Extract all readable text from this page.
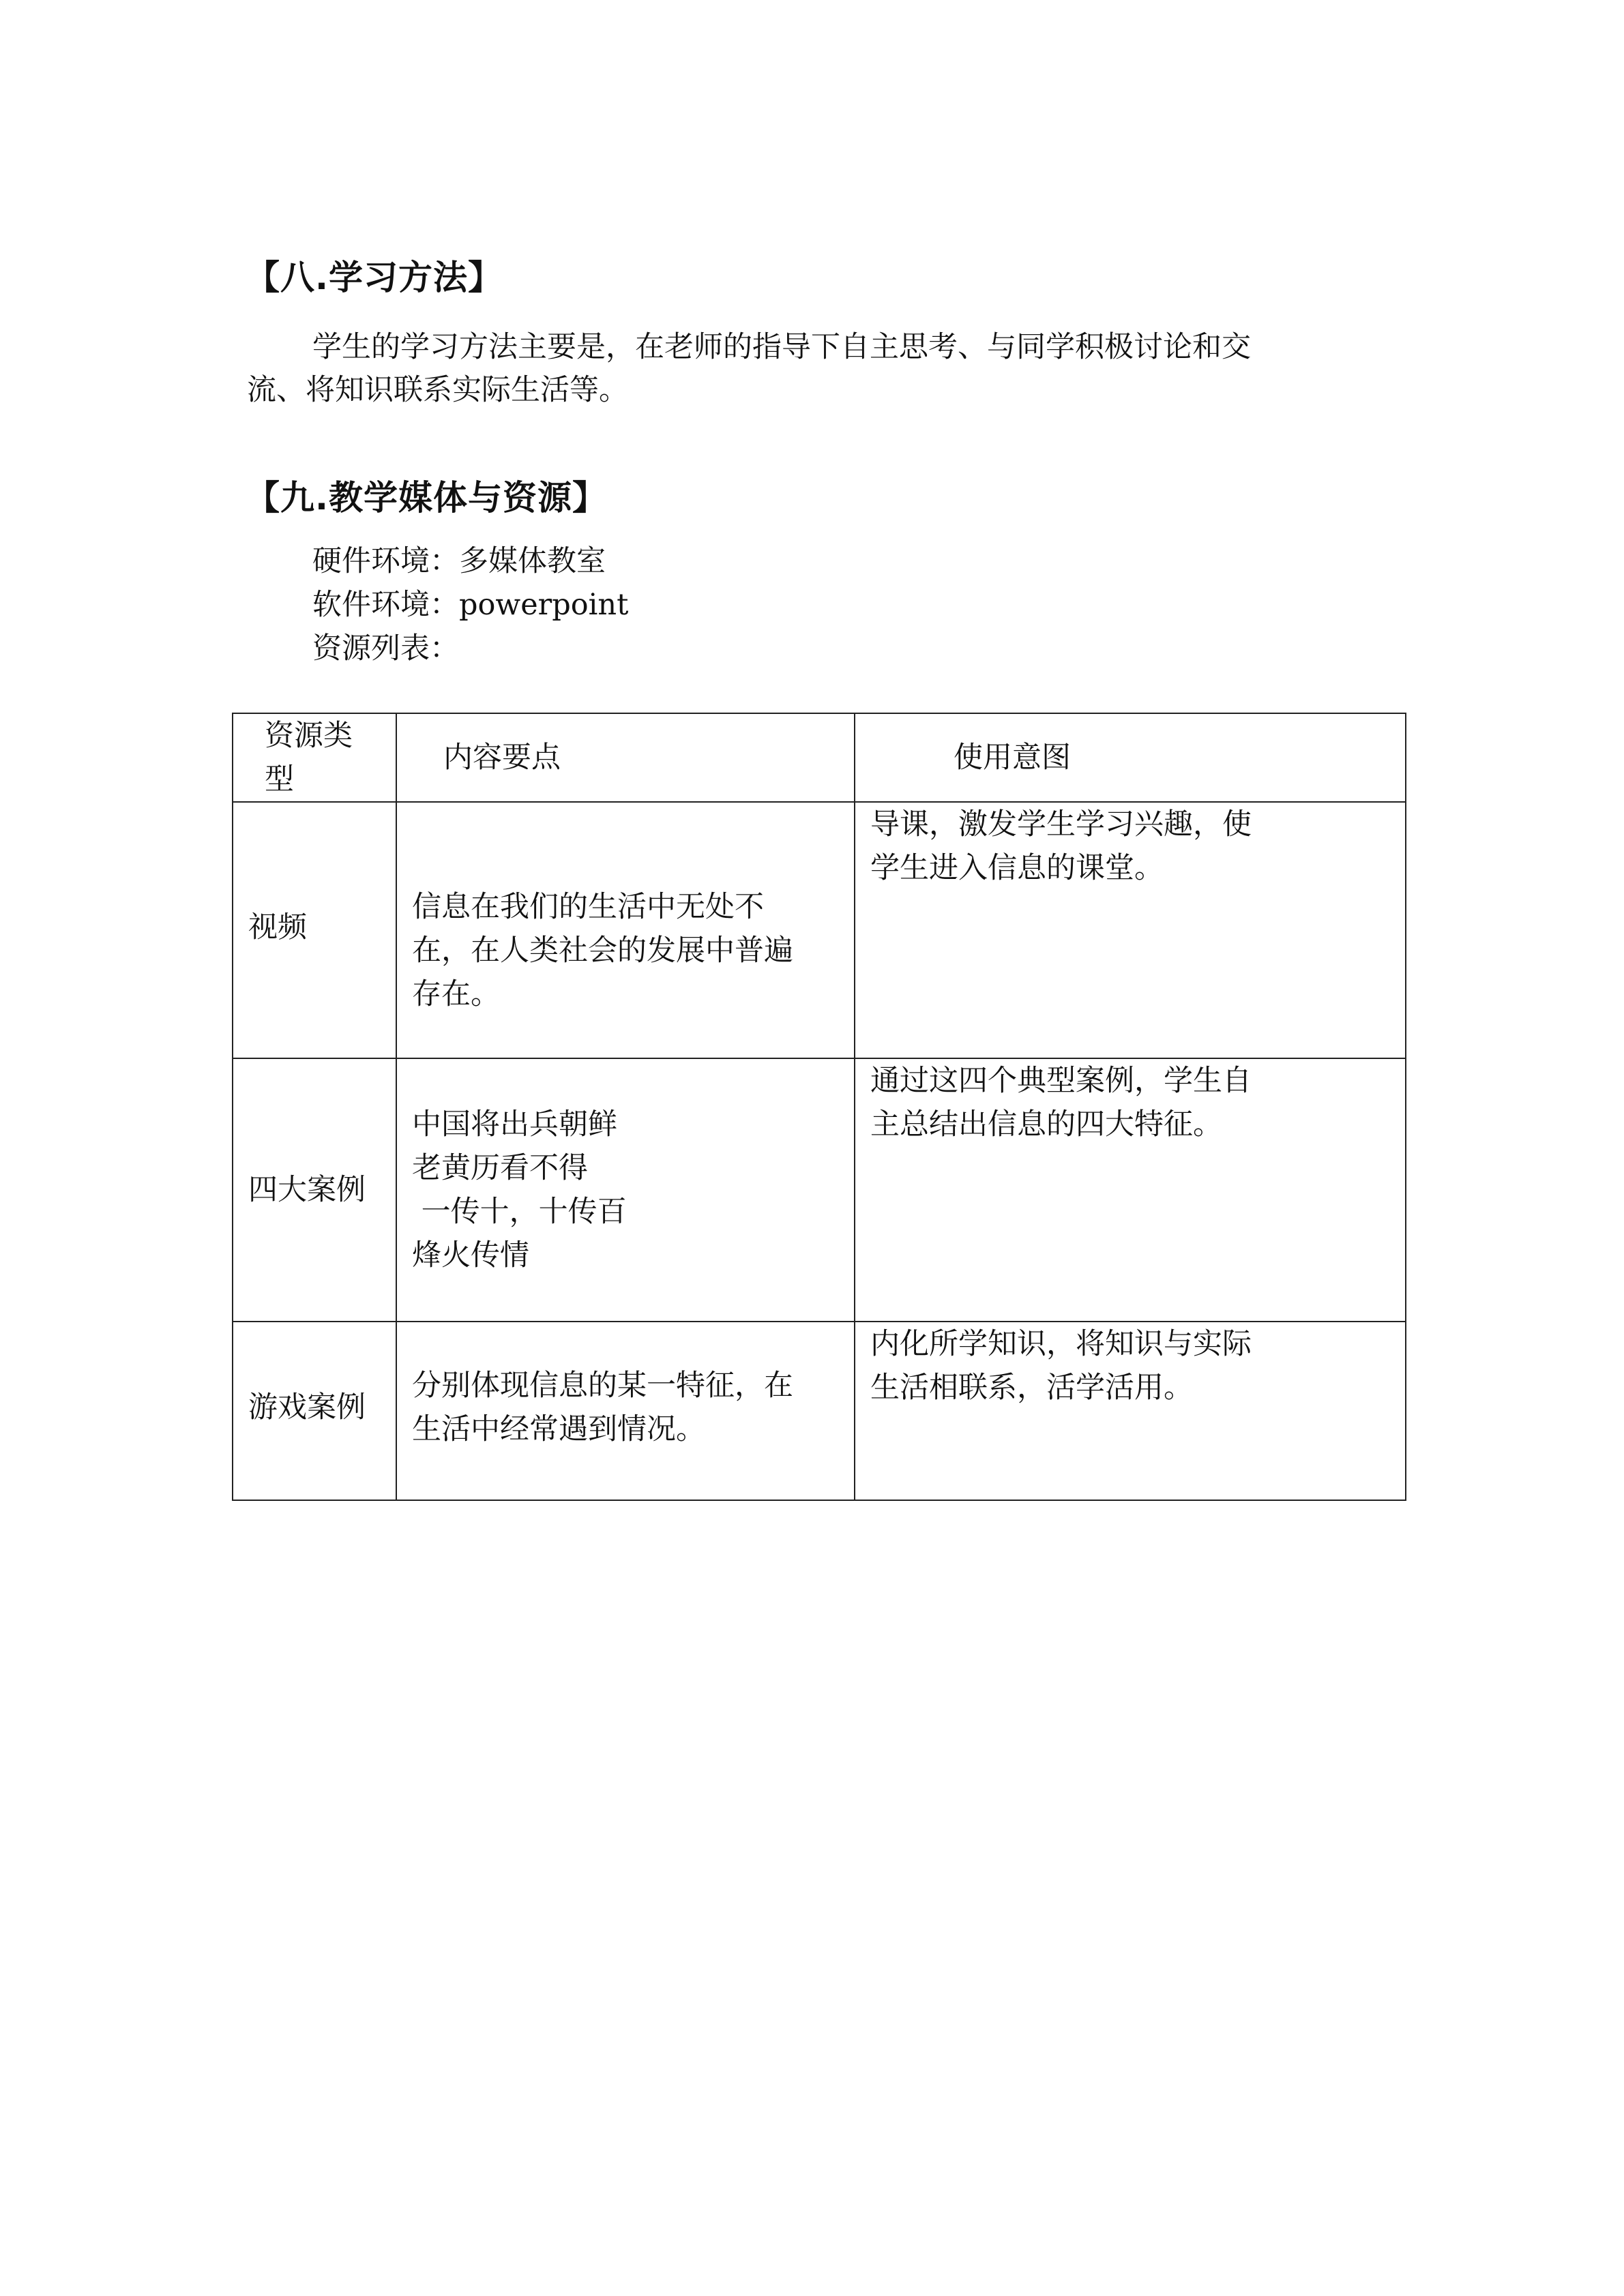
【八.学习方法】
学生的学习方法主要是，在老师的指导下自主思考、与同学积极讨论和交
流、将知识联系实际生活等。
【九.教学媒体与资源】
硬件环境：多媒体教室
软件环境：powerpoint
资源列表：
资源类型	内容要点	使用意图
视频	信息在我们的生活中无处不
在，在人类社会的发展中普遍
存在。	导课，激发学生学习兴趣，使
学生进入信息的课堂。

四大案例	中国将出兵朝鲜
老黄历看不得
一传十，十传百
烽火传情	通过这四个典型案例，学生自
主总结出信息的四大特征。

游戏案例	分别体现信息的某一特征，在
生活中经常遇到情况。	内化所学知识，将知识与实际
生活相联系，活学活用。
